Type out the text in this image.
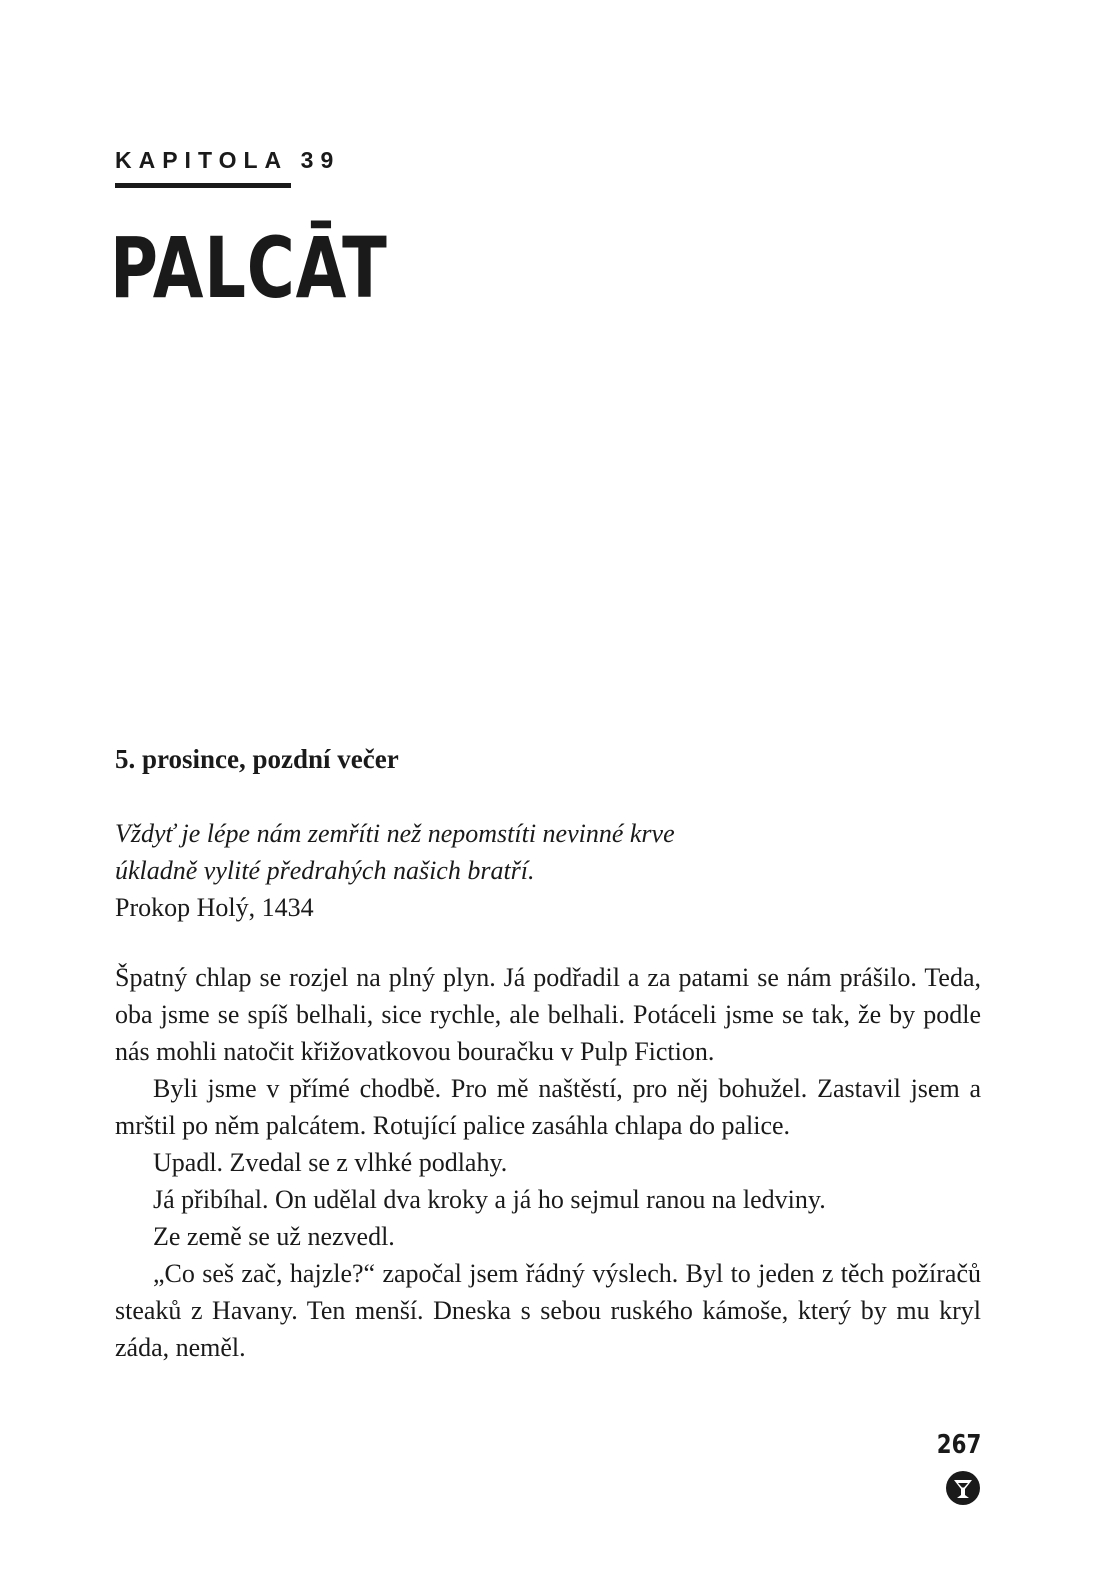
KAPITOLA 39
PALCĀT
5. prosince, pozdní večer
Vždyť je lépe nám zemříti než nepomstíti nevinné krve
úkladně vylité předrahých našich bratří.
Prokop Holý, 1434

Špatný chlap se rozjel na plný plyn. Já podřadil a za patami se nám prášilo. Teda, oba jsme se spíš belhali, sice rychle, ale belhali. Potáceli jsme se tak, že by podle nás mohli natočit křižovatkovou bouračku v Pulp Fiction.

Byli jsme v přímé chodbě. Pro mě naštěstí, pro něj bohužel. Zastavil jsem a mrštil po něm palcátem. Rotující palice zasáhla chlapa do palice.

Upadl. Zvedal se z vlhké podlahy.

Já přibíhal. On udělal dva kroky a já ho sejmul ranou na ledviny.

Ze země se už nezvedl.

„Co seš zač, hajzle?“ započal jsem řádný výslech. Byl to jeden z těch požíračů steaků z Havany. Ten menší. Dneska s sebou ruského kámoše, který by mu kryl záda, neměl.

267
